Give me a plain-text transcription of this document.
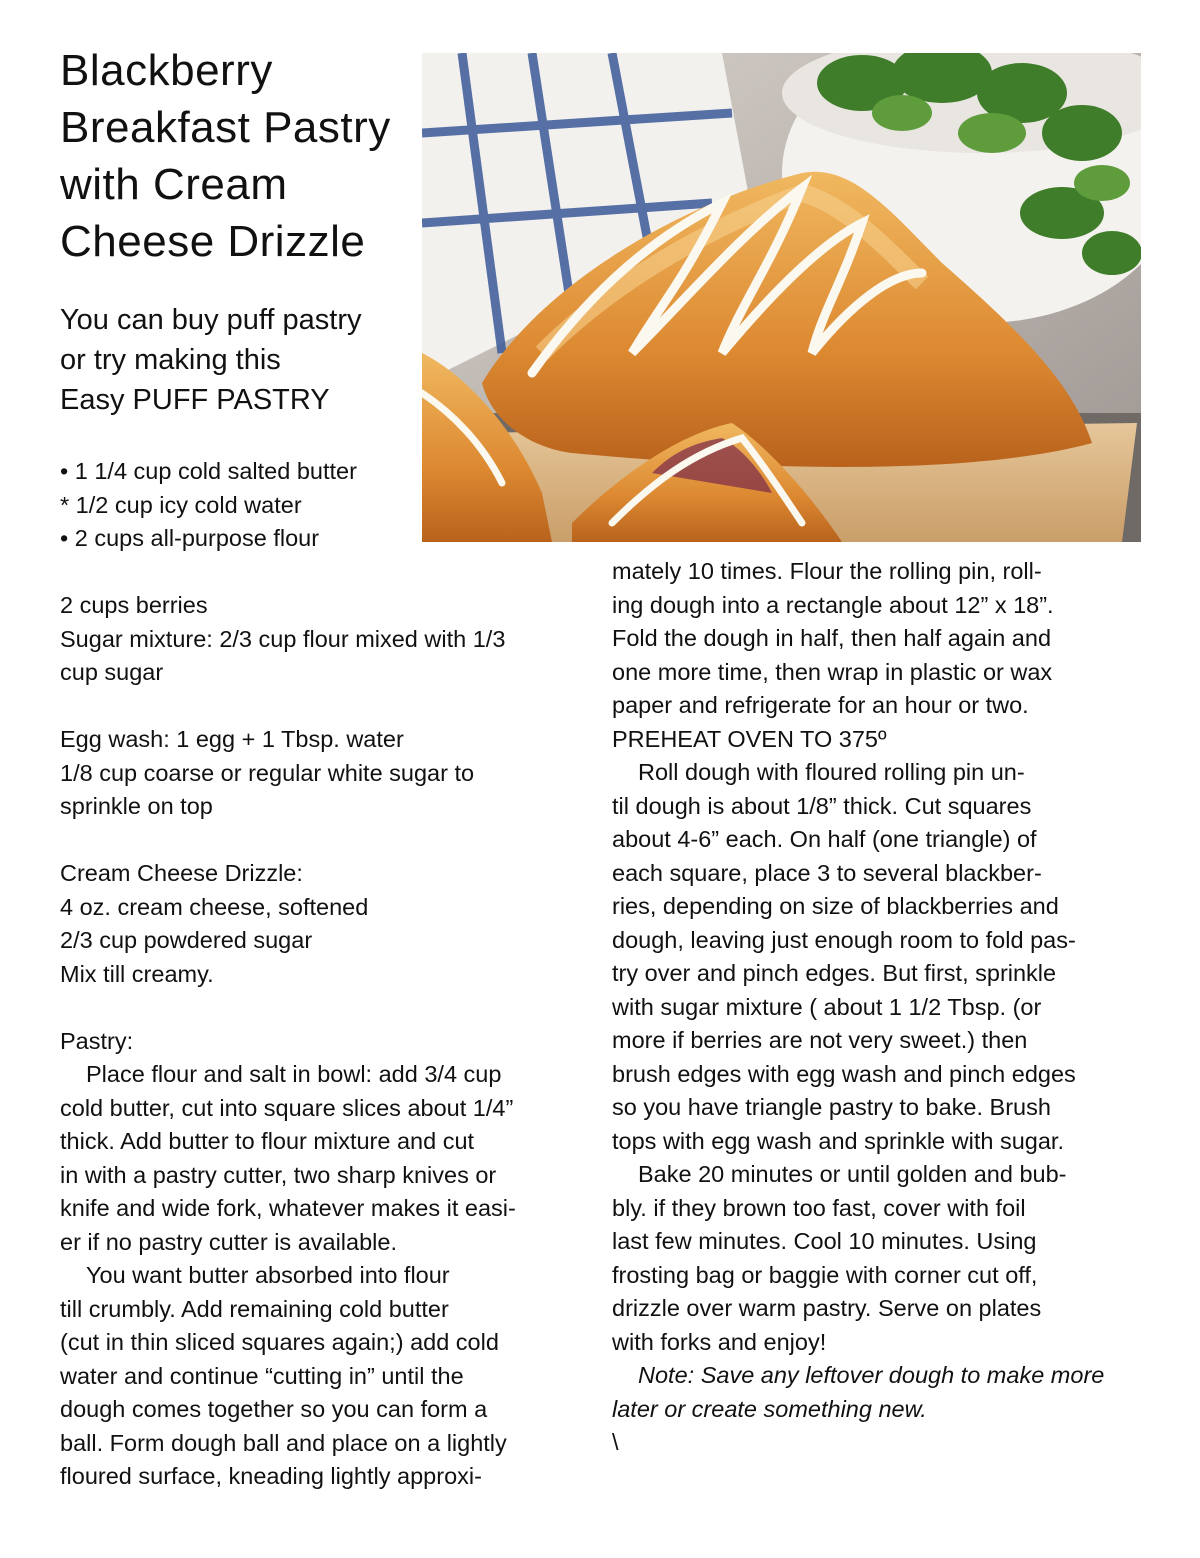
Blackberry
Breakfast Pastry
with Cream
Cheese Drizzle

You can buy puff pastry
or try making this
Easy PUFF PASTRY

• 1 1/4 cup cold salted butter
* 1/2 cup icy cold water
• 2 cups all-purpose flour
2 cups berries
Sugar mixture: 2/3 cup flour mixed with 1/3
cup sugar
Egg wash: 1 egg + 1 Tbsp. water
1/8 cup coarse or regular white sugar to
sprinkle on top
Cream Cheese Drizzle:
4 oz. cream cheese, softened
2/3 cup powdered sugar
Mix till creamy.
Pastry:
Place flour and salt in bowl: add 3/4 cup
cold butter, cut into square slices about 1/4”
thick. Add butter to flour mixture and cut
in with a pastry cutter, two sharp knives or
knife and wide fork, whatever makes it easi-
er if no pastry cutter is available.
You want butter absorbed into flour
till crumbly. Add remaining cold butter
(cut in thin sliced squares again;) add cold
water and continue “cutting in” until the
dough comes together so you can form a
ball. Form dough ball and place on a lightly
floured surface, kneading lightly approxi-
mately 10 times. Flour the rolling pin, roll-
ing dough into a rectangle about 12” x 18”.
Fold the dough in half, then half again and
one more time, then wrap in plastic or wax
paper and refrigerate for an hour or two.
PREHEAT OVEN TO 375º
Roll dough with floured rolling pin un-
til dough is about 1/8” thick. Cut squares
about 4-6” each. On half (one triangle) of
each square, place 3 to several blackber-
ries, depending on size of blackberries and
dough, leaving just enough room to fold pas-
try over and pinch edges. But first, sprinkle
with sugar mixture ( about 1 1/2 Tbsp. (or
more if berries are not very sweet.) then
brush edges with egg wash and pinch edges
so you have triangle pastry to bake. Brush
tops with egg wash and sprinkle with sugar.
Bake 20 minutes or until golden and bub-
bly. if they brown too fast, cover with foil
last few minutes. Cool 10 minutes. Using
frosting bag or baggie with corner cut off,
drizzle over warm pastry. Serve on plates
with forks and enjoy!
Note: Save any leftover dough to make more
later or create something new.
\
